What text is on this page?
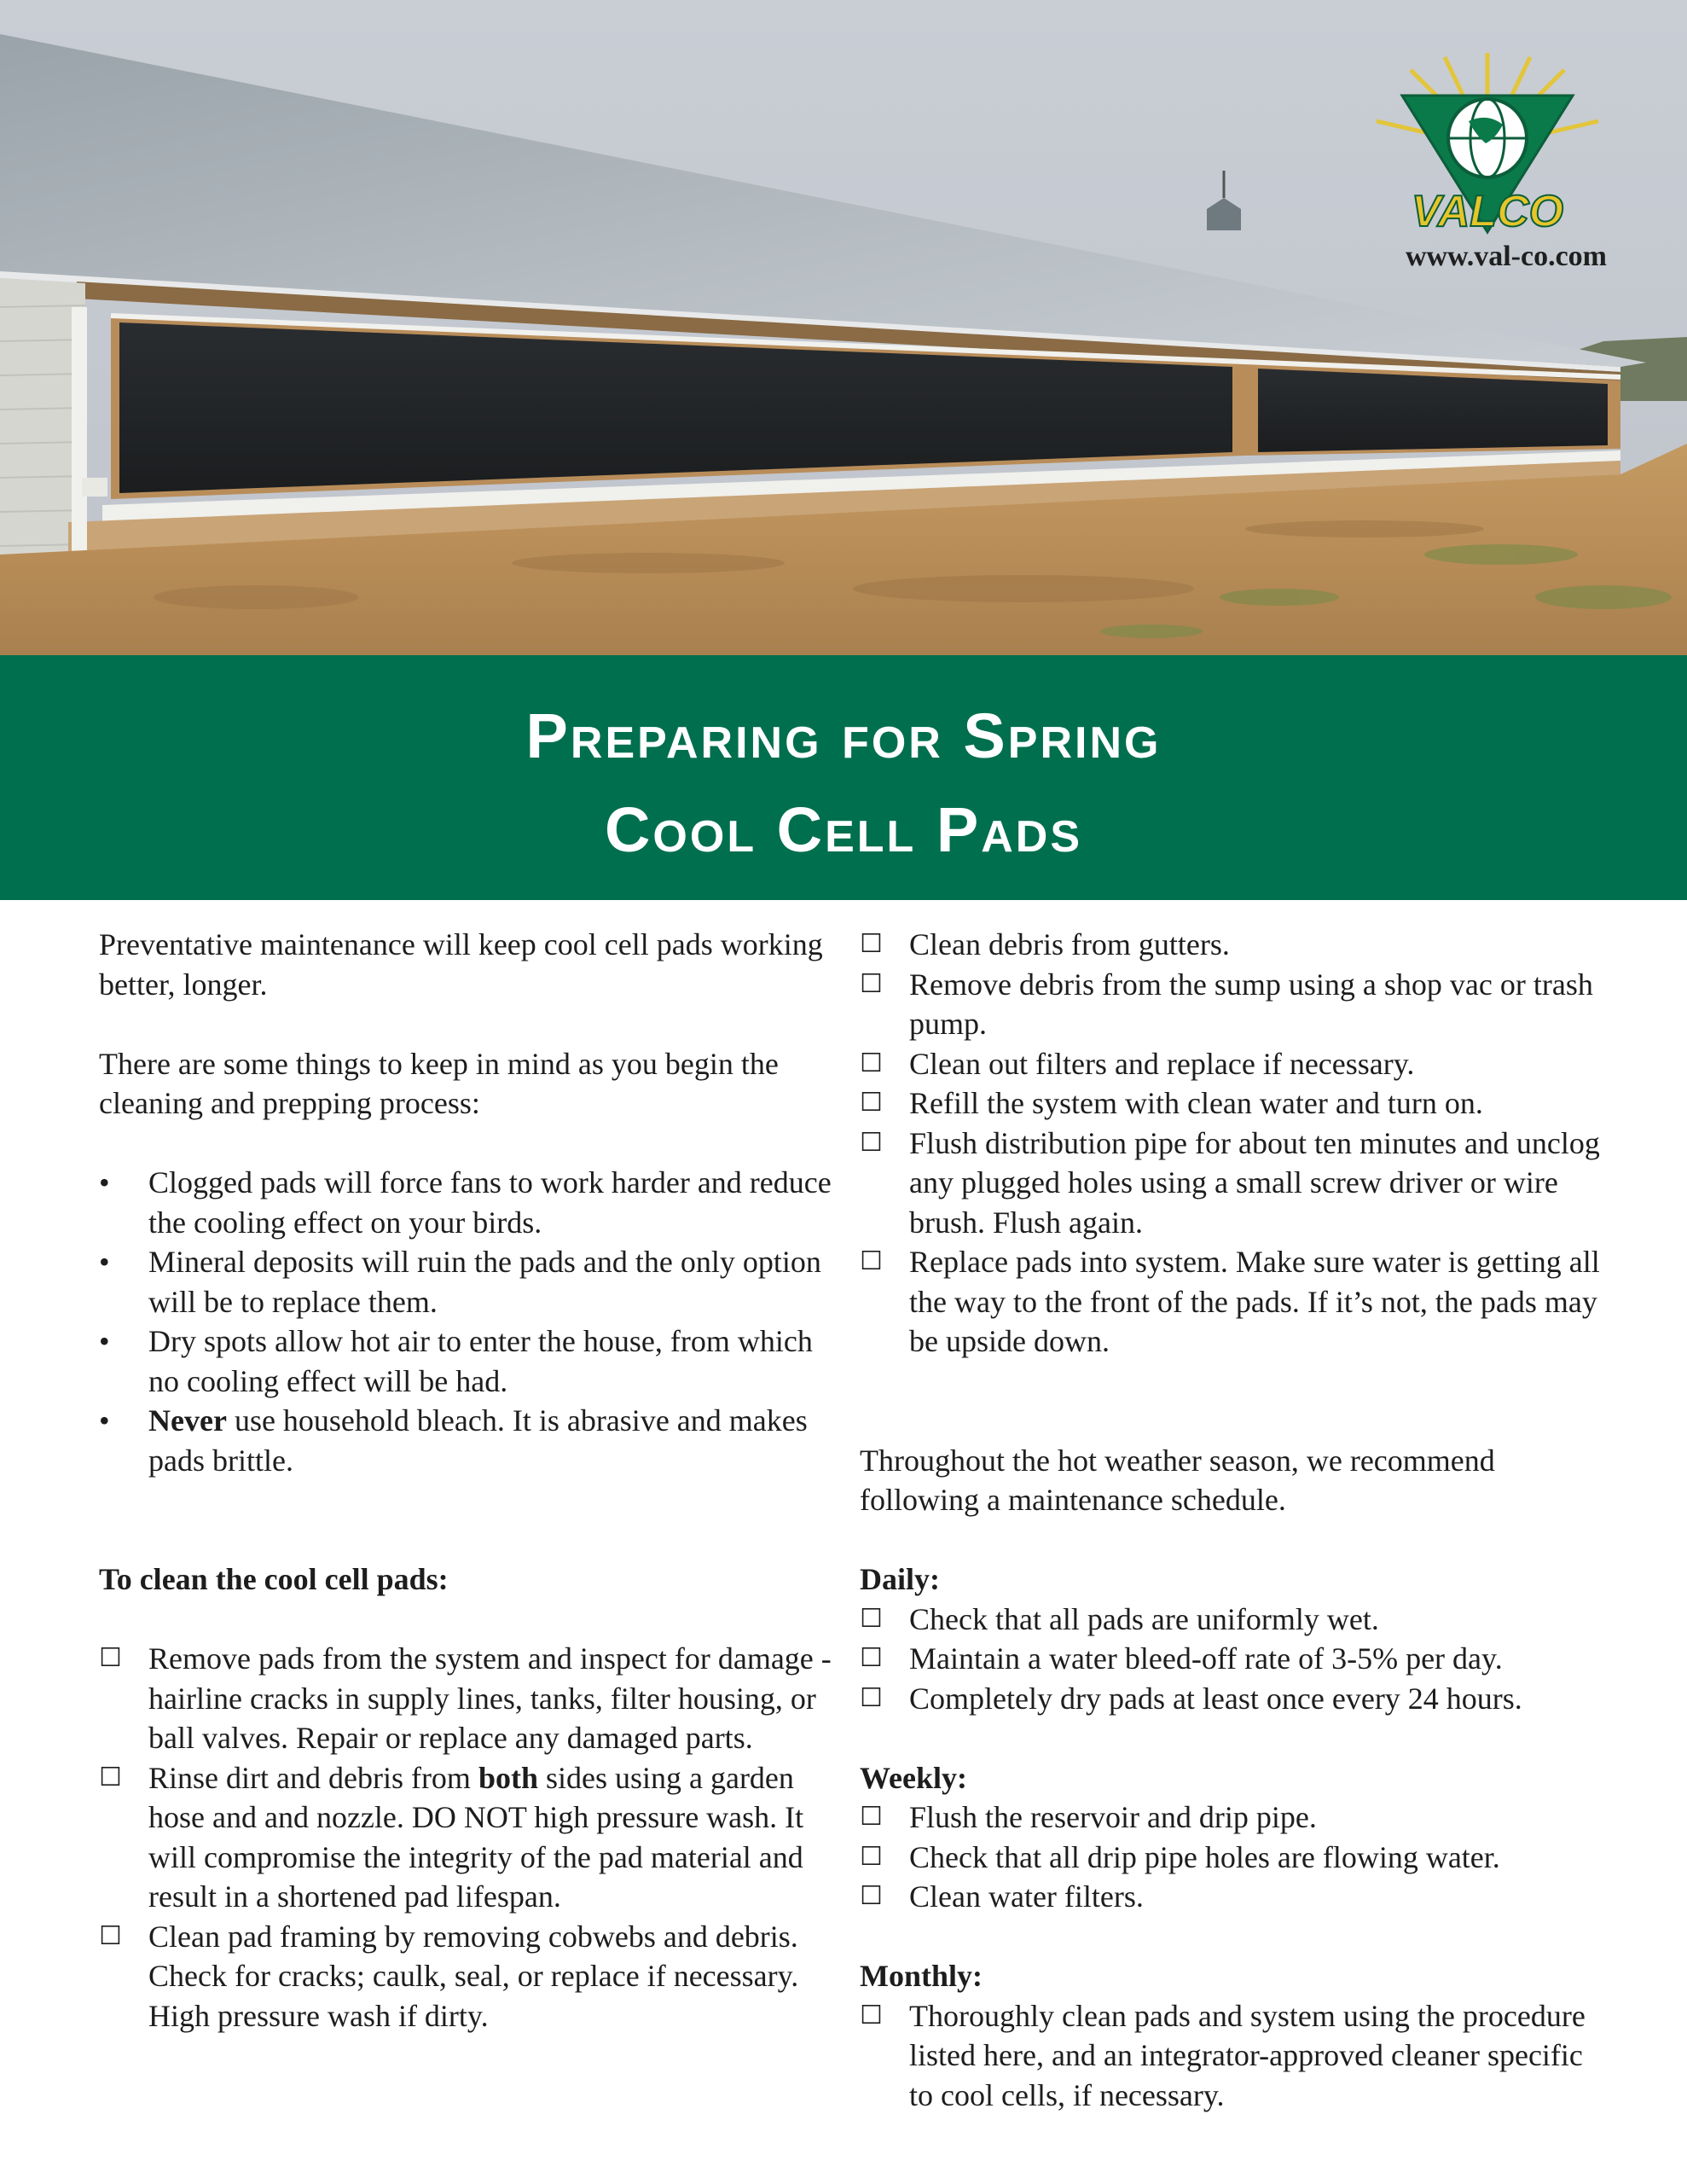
VALCO
www.val-co.com
Preparing for Spring
Cool Cell Pads

Preventative maintenance will keep cool cell pads working better, longer.

There are some things to keep in mind as you begin the cleaning and prepping process:

•	Clogged pads will force fans to work harder and reduce the cooling effect on your birds.
•	Mineral deposits will ruin the pads and the only option will be to replace them.
•	Dry spots allow hot air to enter the house, from which no cooling effect will be had.
•	Never use household bleach. It is abrasive and makes pads brittle.

To clean the cool cell pads:

☐ Remove pads from the system and inspect for damage - hairline cracks in supply lines, tanks, filter housing, or ball valves. Repair or replace any damaged parts.
☐ Rinse dirt and debris from both sides using a garden hose and and nozzle. DO NOT high pressure wash. It will compromise the integrity of the pad material and result in a shortened pad lifespan.
☐ Clean pad framing by removing cobwebs and debris. Check for cracks; caulk, seal, or replace if necessary. High pressure wash if dirty.
☐ Clean debris from gutters.
☐ Remove debris from the sump using a shop vac or trash pump.
☐ Clean out filters and replace if necessary.
☐ Refill the system with clean water and turn on.
☐ Flush distribution pipe for about ten minutes and unclog any plugged holes using a small screw driver or wire brush. Flush again.
☐ Replace pads into system. Make sure water is getting all the way to the front of the pads. If it’s not, the pads may be upside down.

Throughout the hot weather season, we recommend following a maintenance schedule.

Daily:

☐ Check that all pads are uniformly wet.
☐ Maintain a water bleed-off rate of 3-5% per day.
☐ Completely dry pads at least once every 24 hours.

Weekly:

☐ Flush the reservoir and drip pipe.
☐ Check that all drip pipe holes are flowing water.
☐ Clean water filters.

Monthly:

☐ Thoroughly clean pads and system using the procedure listed here, and an integrator-approved cleaner specific to cool cells, if necessary.
